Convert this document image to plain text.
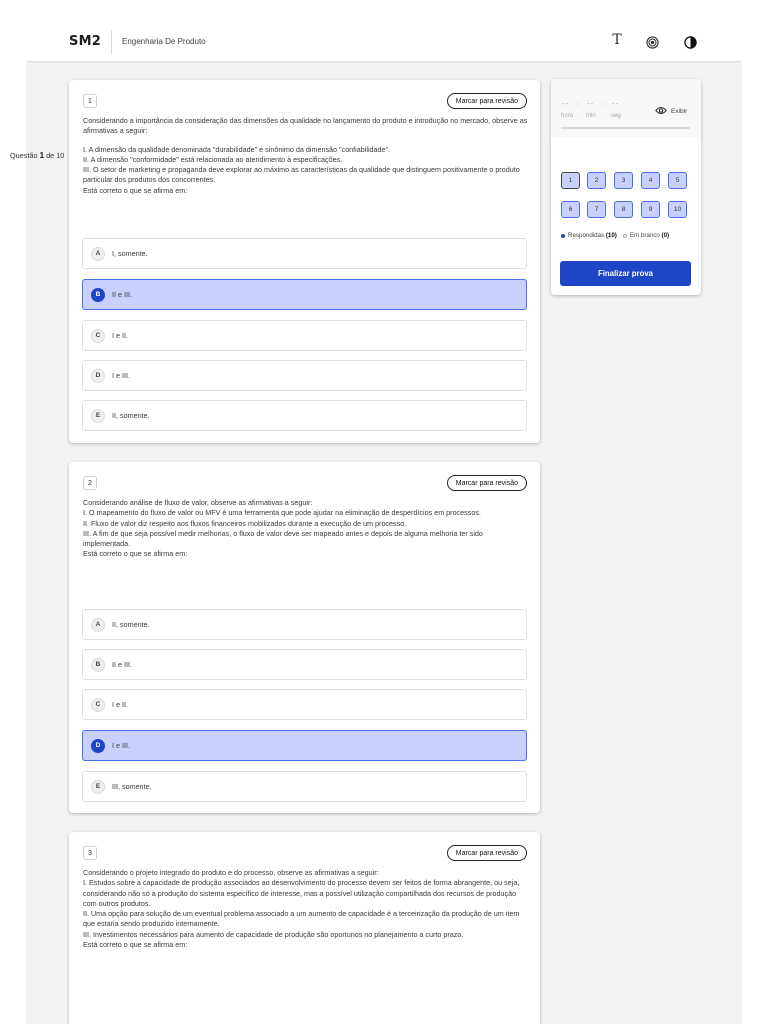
SM2	Engenharia De Produto	T
1	Marcar para revisão

Considerando a importância da consideração das dimensões da qualidade no lançamento do produto e introdução no mercado, observe as afirmativas a seguir:

I. A dimensão da qualidade denominada "durabilidade" é sinônimo da dimensão "confiabilidade".

II. A dimensão "conformidade" está relacionada ao atendimento à especificações.

III. O setor de marketing e propaganda deve explorar ao máximo as características da qualidade que distinguem positivamente o produto particular dos produtos dos concorrentes.

Está correto o que se afirma em:

A	I, somente.
B	II e III.
C	I e II.
D	I e III.
E	II, somente.
2	Marcar para revisão

Considerando análise de fluxo de valor, observe as afirmativas a seguir:

I. O mapeamento do fluxo de valor ou MFV é uma ferramenta que pode ajudar na eliminação de desperdícios em processos.

II. Fluxo de valor diz respeito aos fluxos financeiros mobilizados durante a execução de um processo.

III. A fim de que seja possível medir melhorias, o fluxo de valor deve ser mapeado antes e depois de alguma melhoria ter sido implementada.

Está correto o que se afirma em:

A	II, somente.
B	II e III.
C	I e II.
D	I e III.
E	III, somente.
3	Marcar para revisão

Considerando o projeto integrado do produto e do processo, observe as afirmativas a seguir:

I. Estudos sobre a capacidade de produção associados ao desenvolvimento do processo devem ser feitos de forma abrangente, ou seja, considerando não só a produção do sistema específico de interesse, mas a possível utilização compartilhada dos recursos de produção com outros produtos.

II. Uma opção para solução de um eventual problema associado a um aumento de capacidade é a terceirização da produção de um item que estaria sendo produzido internamente.

III. Investimentos necessários para aumento de capacidade de produção são oportunos no planejamento a curto prazo.

Está correto o que se afirma em:

-- : -- : --
hora min	seg
Exibir
Questão 1 de 10
1	2	3	4	5
6	7	8	9	10
Respondidas
(10) Em branco
(0)
Finalizar prova
